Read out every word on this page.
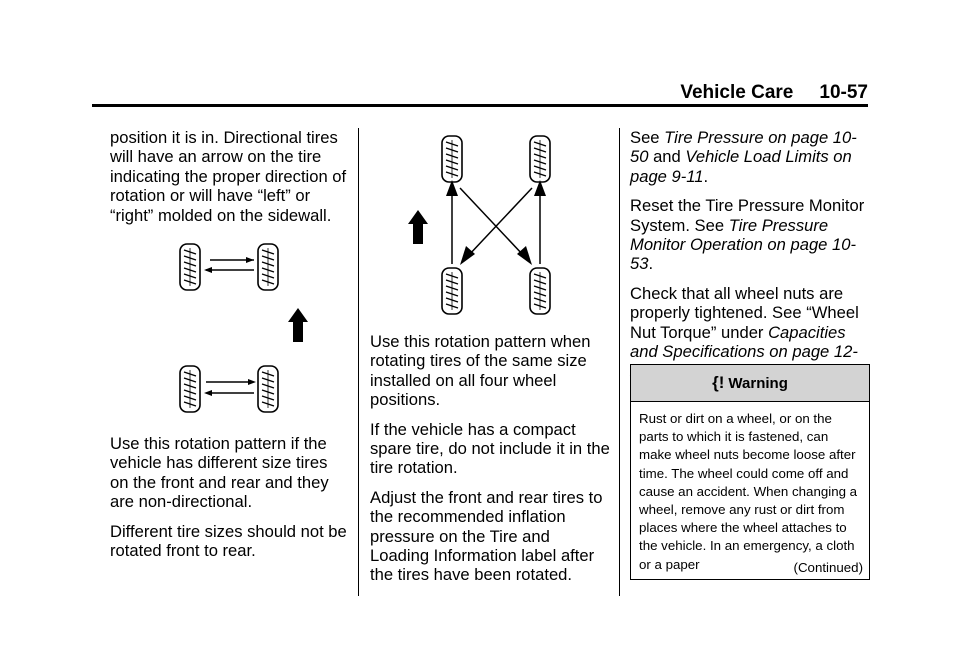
Vehicle Care 10-57

position it is in. Directional tires will have an arrow on the tire indicating the proper direction of rotation or will have “left” or “right” molded on the sidewall.

Use this rotation pattern if the vehicle has different size tires on the front and rear and they are non-directional.

Different tire sizes should not be rotated front to rear.

Use this rotation pattern when rotating tires of the same size installed on all four wheel positions.

If the vehicle has a compact spare tire, do not include it in the tire rotation.

Adjust the front and rear tires to the recommended inflation pressure on the Tire and Loading Information label after the tires have been rotated.

See Tire Pressure on page 10-50 and Vehicle Load Limits on page 9-11.

Reset the Tire Pressure Monitor System. See Tire Pressure Monitor Operation on page 10-53.

Check that all wheel nuts are properly tightened. See “Wheel Nut Torque” under Capacities and Specifications on page 12-

{! Warning
Rust or dirt on a wheel, or on the parts to which it is fastened, can make wheel nuts become loose after time. The wheel could come off and cause an accident. When changing a wheel, remove any rust or dirt from places where the wheel attaches to the vehicle. In an emergency, a cloth or a paper	(Continued)
